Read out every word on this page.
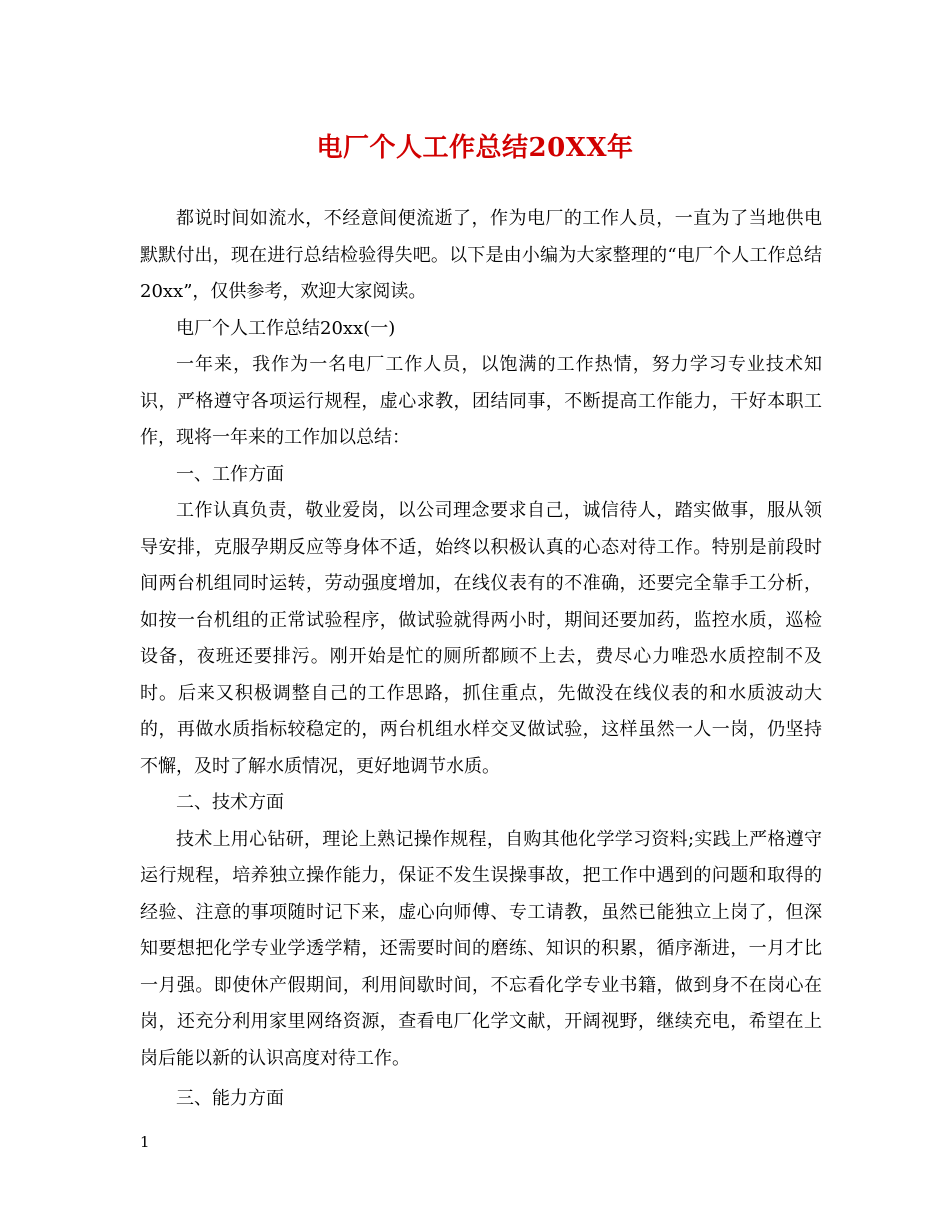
电厂个人工作总结20XX年

都说时间如流水，不经意间便流逝了，作为电厂的工作人员，一直为了当地供电默默付出，现在进行总结检验得失吧。以下是由小编为大家整理的“电厂个人工作总结20xx”，仅供参考，欢迎大家阅读。

电厂个人工作总结20xx(一)

一年来，我作为一名电厂工作人员，以饱满的工作热情，努力学习专业技术知识，严格遵守各项运行规程，虚心求教，团结同事，不断提高工作能力，干好本职工作，现将一年来的工作加以总结：

一、工作方面

工作认真负责，敬业爱岗，以公司理念要求自己，诚信待人，踏实做事，服从领导安排，克服孕期反应等身体不适，始终以积极认真的心态对待工作。特别是前段时间两台机组同时运转，劳动强度增加，在线仪表有的不准确，还要完全靠手工分析，如按一台机组的正常试验程序，做试验就得两小时，期间还要加药，监控水质，巡检设备，夜班还要排污。刚开始是忙的厕所都顾不上去，费尽心力唯恐水质控制不及时。后来又积极调整自己的工作思路，抓住重点，先做没在线仪表的和水质波动大的，再做水质指标较稳定的，两台机组水样交叉做试验，这样虽然一人一岗，仍坚持不懈，及时了解水质情况，更好地调节水质。

二、技术方面

技术上用心钻研，理论上熟记操作规程，自购其他化学学习资料;实践上严格遵守运行规程，培养独立操作能力，保证不发生误操事故，把工作中遇到的问题和取得的经验、注意的事项随时记下来，虚心向师傅、专工请教，虽然已能独立上岗了，但深知要想把化学专业学透学精，还需要时间的磨练、知识的积累，循序渐进，一月才比一月强。即使休产假期间，利用间歇时间，不忘看化学专业书籍，做到身不在岗心在岗，还充分利用家里网络资源，查看电厂化学文献，开阔视野，继续充电，希望在上岗后能以新的认识高度对待工作。

三、能力方面

1
